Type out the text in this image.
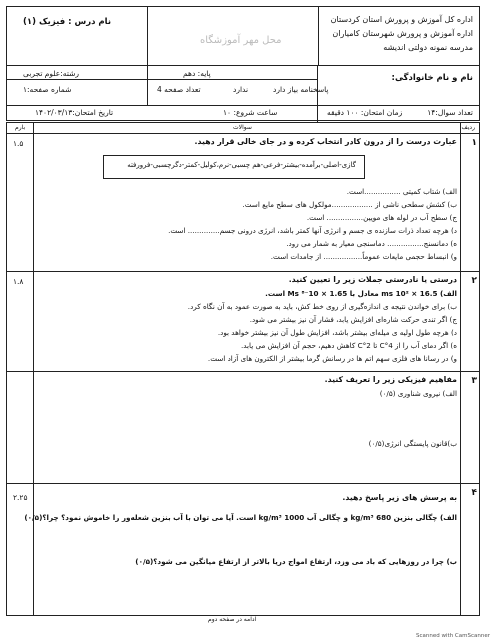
اداره کل آموزش و پرورش استان کردستان
اداره آموزش و پرورش شهرستان کامیاران
مدرسه نمونه دولتی اندیشه
محل مهر آموزشگاه
نام درس : فیزیک (۱)
نام و نام خانوادگی:
پایه: دهم
رشته:علوم تجربی
پاسخنامه بیاز دارد
ندارد
تعداد صفحه 4
شماره صفحه:۱
تعداد سوال:۱۴
زمان امتحان: ۱۰۰ دقیقه
ساعت شروع: ۱۰
تاریخ امتحان:۱۴۰۲/۰۳/۱۳
ردیف
سوالات
بارم
۱
۱.۵	عبارت درست را از درون کادر انتخاب کرده و در جای خالی قرار دهید.
گازی-اصلی-برآمده-بیشتر-فرعی-هم چسبی-نرم،کولیل-کمتر-دگرچسبی-فرورفته
الف) شتاب کمیتی ................است.
ب) کشش سطحی ناشی از ..................مولکول های سطح مایع است.
ج) سطح آب در لوله های مویین................ است.
د) هرچه تعداد ذرات سازنده ی جسم و انرژی آنها کمتر باشد، انرژی درونی جسم.............. است.
ه) دمانسنج................ دماسنجی معیار به شمار می رود.
و) انبساط حجمی مایعات عموماً................. از جامدات است.
۲
۱.۸	درستی یا نادرستی جملات زیر را تعیین کنید.
الف) 16.5 × 10² ms معادل با 1.65 × 10⁻⁸ Ms است.
ب) برای خواندن نتیجه ی اندازه‌گیری از روی خط کش، باید به صورت عمود به آن نگاه کرد.
ج) اگر تندی حرکت شاره‌ای افزایش یابد، فشار آن نیز بیشتر می شود.
د) هرچه طول اولیه ی میله‌ای بیشتر باشد، افزایش طول آن نیز بیشتر خواهد بود.
ه) اگر دمای آب را از 4°C تا 2°C کاهش دهیم، حجم آن افزایش می یابد.
و) در رسانا های فلزی سهم اتم ها در رسانش گرما بیشتر از الکترون های آزاد است.
۳
مفاهیم فیزیکی زیر را تعریف کنید.
الف) نیروی شناوری (۰/۵)
ب)قانون پایستگی انرژی(۰/۵)
۴
۲.۲۵	به پرسش های زیر پاسخ دهید.
الف) چگالی بنزین 680 kg/m³ و چگالی آب 1000 kg/m³ است. آیا می توان با آب بنزین شعله‌ور را خاموش نمود؟ چرا؟(۰/۵)
ب) چرا در روزهایی که باد می وزد، ارتفاع امواج دریا بالاتر از ارتفاع میانگین می شود؟(۰/۵)
ادامه در صفحه دوم
Scanned with CamScanner
